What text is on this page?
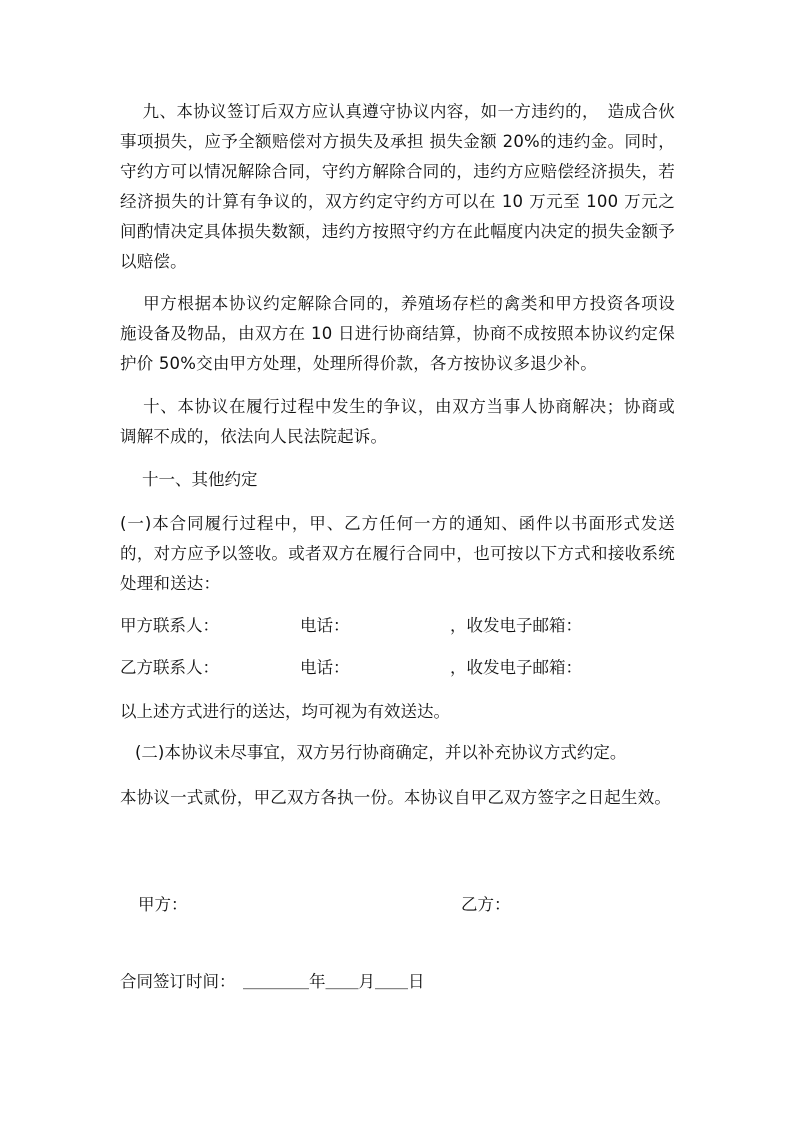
　 九、本协议签订后双方应认真遵守协议内容，如一方违约的，　造成合伙事项损失，应予全额赔偿对方损失及承担 损失金额 20%的违约金。同时，守约方可以情况解除合同，守约方解除合同的，违约方应赔偿经济损失，若经济损失的计算有争议的，双方约定守约方可以在 10 万元至 100 万元之间酌情决定具体损失数额，违约方按照守约方在此幅度内决定的损失金额予以赔偿。

　 甲方根据本协议约定解除合同的，养殖场存栏的禽类和甲方投资各项设施设备及物品，由双方在 10 日进行协商结算，协商不成按照本协议约定保护价 50%交由甲方处理，处理所得价款，各方按协议多退少补。

　 十、本协议在履行过程中发生的争议，由双方当事人协商解决；协商或调解不成的，依法向人民法院起诉。

十一、其他约定

(一)本合同履行过程中，甲、乙方任何一方的通知、函件以书面形式发送的，对方应予以签收。或者双方在履行合同中，也可按以下方式和接收系统处理和送达：

甲方联系人：	电话：	，收发电子邮箱：

乙方联系人：	电话：	，收发电子邮箱：

以上述方式进行的送达，均可视为有效送达。

(二)本协议未尽事宜，双方另行协商确定，并以补充协议方式约定。

本协议一式贰份，甲乙双方各执一份。本协议自甲乙双方签字之日起生效。

甲方：	乙方：

合同签订时间： ＿＿＿＿年＿＿月＿＿日
